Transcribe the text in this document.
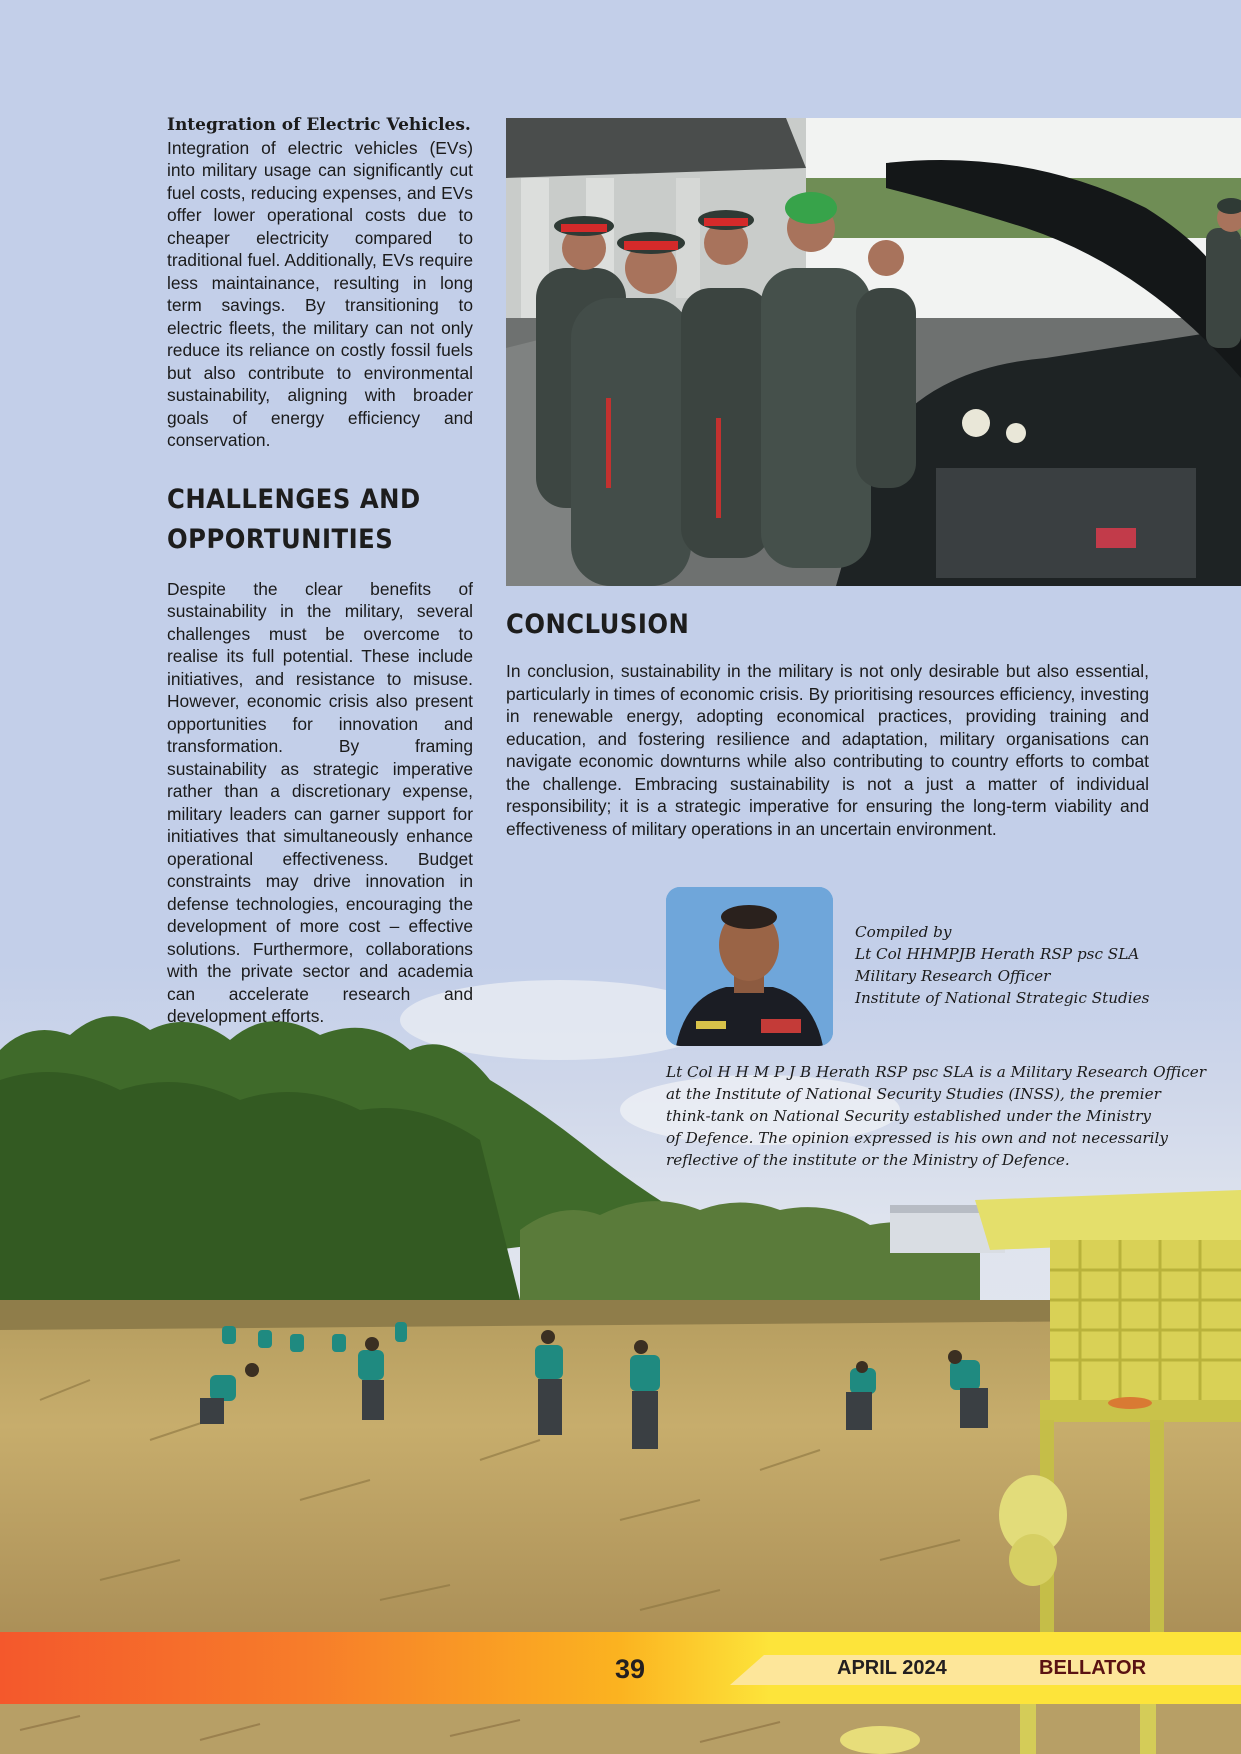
Integration of Electric Vehicles.
Integration of electric vehicles (EVs) into military usage can significantly cut fuel costs, reducing expenses, and EVs offer lower operational costs due to cheaper electricity compared to traditional fuel. Additionally, EVs require less maintainance, resulting in long term savings. By transitioning to electric fleets, the military can not only reduce its reliance on costly fossil fuels but also contribute to environmental sustainability, aligning with broader goals of energy efficiency and conservation.

CHALLENGES AND OPPORTUNITIES

Despite the clear benefits of sustainability in the military, several challenges must be overcome to realise its full potential. These include initiatives, and resistance to misuse. However, economic crisis also present opportunities for innovation and transformation. By framing sustainability as strategic imperative rather than a discretionary expense, military leaders can garner support for initiatives that simultaneously enhance operational effectiveness. Budget constraints may drive innovation in defense technologies, encouraging the development of more cost – effective solutions. Furthermore, collaborations with the private sector and academia can accelerate research and development efforts.

CONCLUSION

In conclusion, sustainability in the military is not only desirable but also essential, particularly in times of economic crisis. By prioritising resources efficiency, investing in renewable energy, adopting economical practices, providing training and education, and fostering resilience and adaptation, military organisations can navigate economic downturns while also contributing to country efforts to combat the challenge. Embracing sustainability is not a just a matter of individual responsibility; it is a strategic imperative for ensuring the long-term viability and effectiveness of military operations in an uncertain environment.

Compiled by
Lt Col HHMPJB Herath RSP psc SLA
Military Research Officer
Institute of National Strategic Studies
Lt Col H H M P J B Herath RSP psc SLA is a Military Research Officer
at the Institute of National Security Studies (INSS), the premier
think-tank on National Security established under the Ministry
of Defence. The opinion expressed is his own and not necessarily
reflective of the institute or the Ministry of Defence.
39	APRIL 2024	BELLATOR
